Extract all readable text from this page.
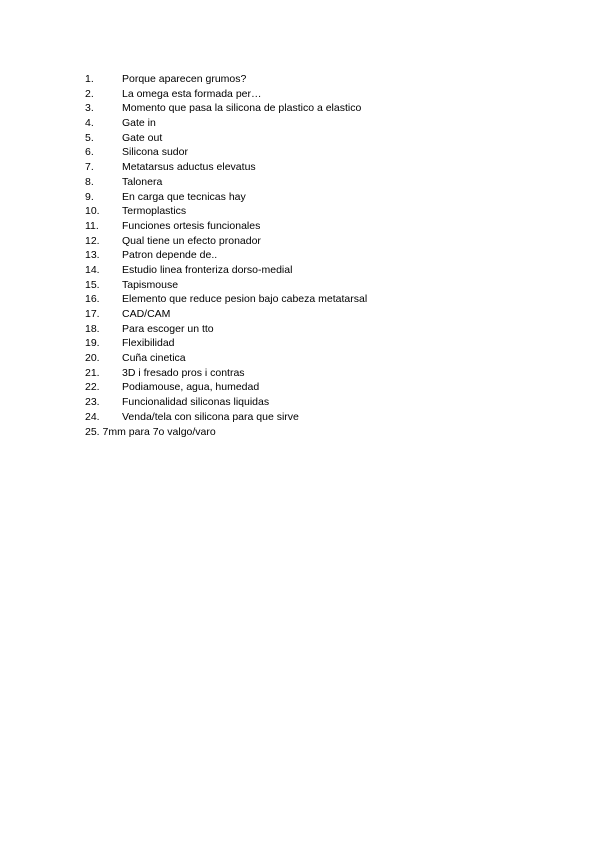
1.	Porque aparecen grumos?
2.	La omega esta formada per…
3.	Momento que pasa la silicona de plastico a elastico
4.	Gate in
5.	Gate out
6.	Silicona sudor
7.	Metatarsus aductus elevatus
8.	Talonera
9.	En carga que tecnicas hay
10. Termoplastics
11. Funciones ortesis funcionales
12. Qual tiene un efecto pronador
13. Patron depende de..
14. Estudio linea fronteriza dorso-medial
15. Tapismouse
16. Elemento que reduce pesion bajo cabeza metatarsal
17. CAD/CAM
18. Para escoger un tto
19. Flexibilidad
20. Cuña cinetica
21. 3D i fresado pros i contras
22. Podiamouse, agua, humedad
23. Funcionalidad siliconas liquidas
24. Venda/tela con silicona para que sirve
25. 7mm para 7o valgo/varo
